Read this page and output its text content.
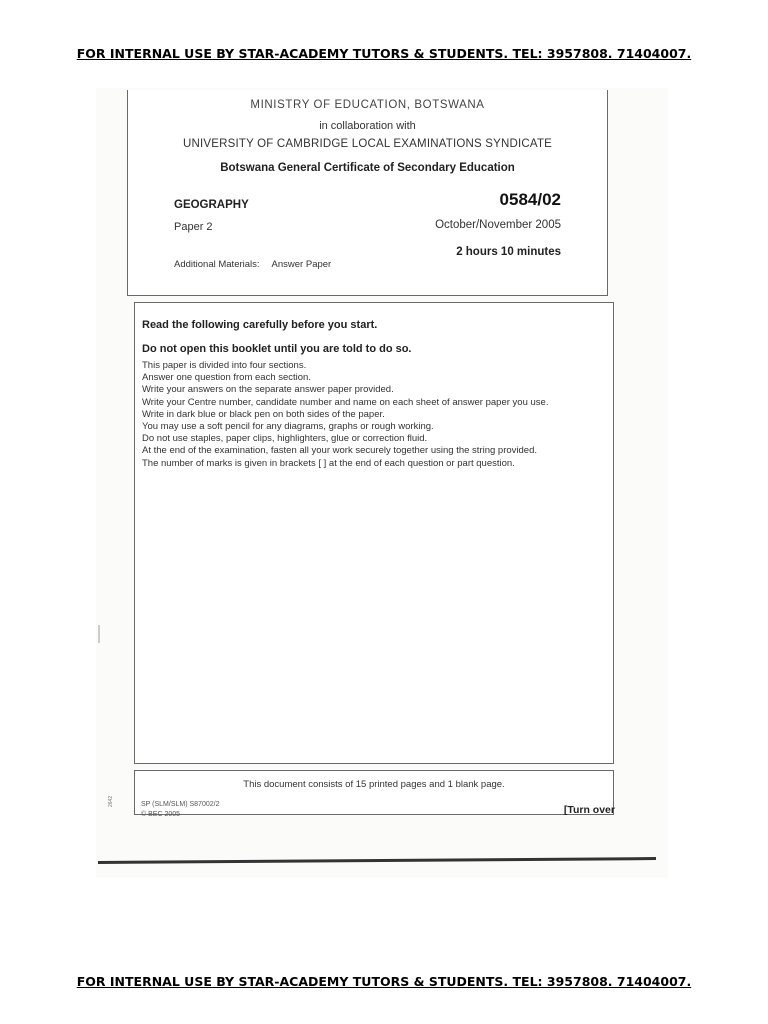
FOR INTERNAL USE BY STAR-ACADEMY TUTORS & STUDENTS. TEL: 3957808. 71404007.
MINISTRY OF EDUCATION, BOTSWANA
in collaboration with
UNIVERSITY OF CAMBRIDGE LOCAL EXAMINATIONS SYNDICATE
Botswana General Certificate of Secondary Education
GEOGRAPHY
Paper 2
0584/02
October/November 2005
2 hours 10 minutes
Additional Materials: Answer Paper
Read the following carefully before you start.
Do not open this booklet until you are told to do so.
This paper is divided into four sections.
Answer one question from each section.
Write your answers on the separate answer paper provided.
Write your Centre number, candidate number and name on each sheet of answer paper you use.
Write in dark blue or black pen on both sides of the paper.
You may use a soft pencil for any diagrams, graphs or rough working.
Do not use staples, paper clips, highlighters, glue or correction fluid.
At the end of the examination, fasten all your work securely together using the string provided.
The number of marks is given in brackets [ ] at the end of each question or part question.
This document consists of 15 printed pages and 1 blank page.
[Turn over
SP (SLM/SLM) S87002/2
© BEC 2005
2642
FOR INTERNAL USE BY STAR-ACADEMY TUTORS & STUDENTS. TEL: 3957808. 71404007.
